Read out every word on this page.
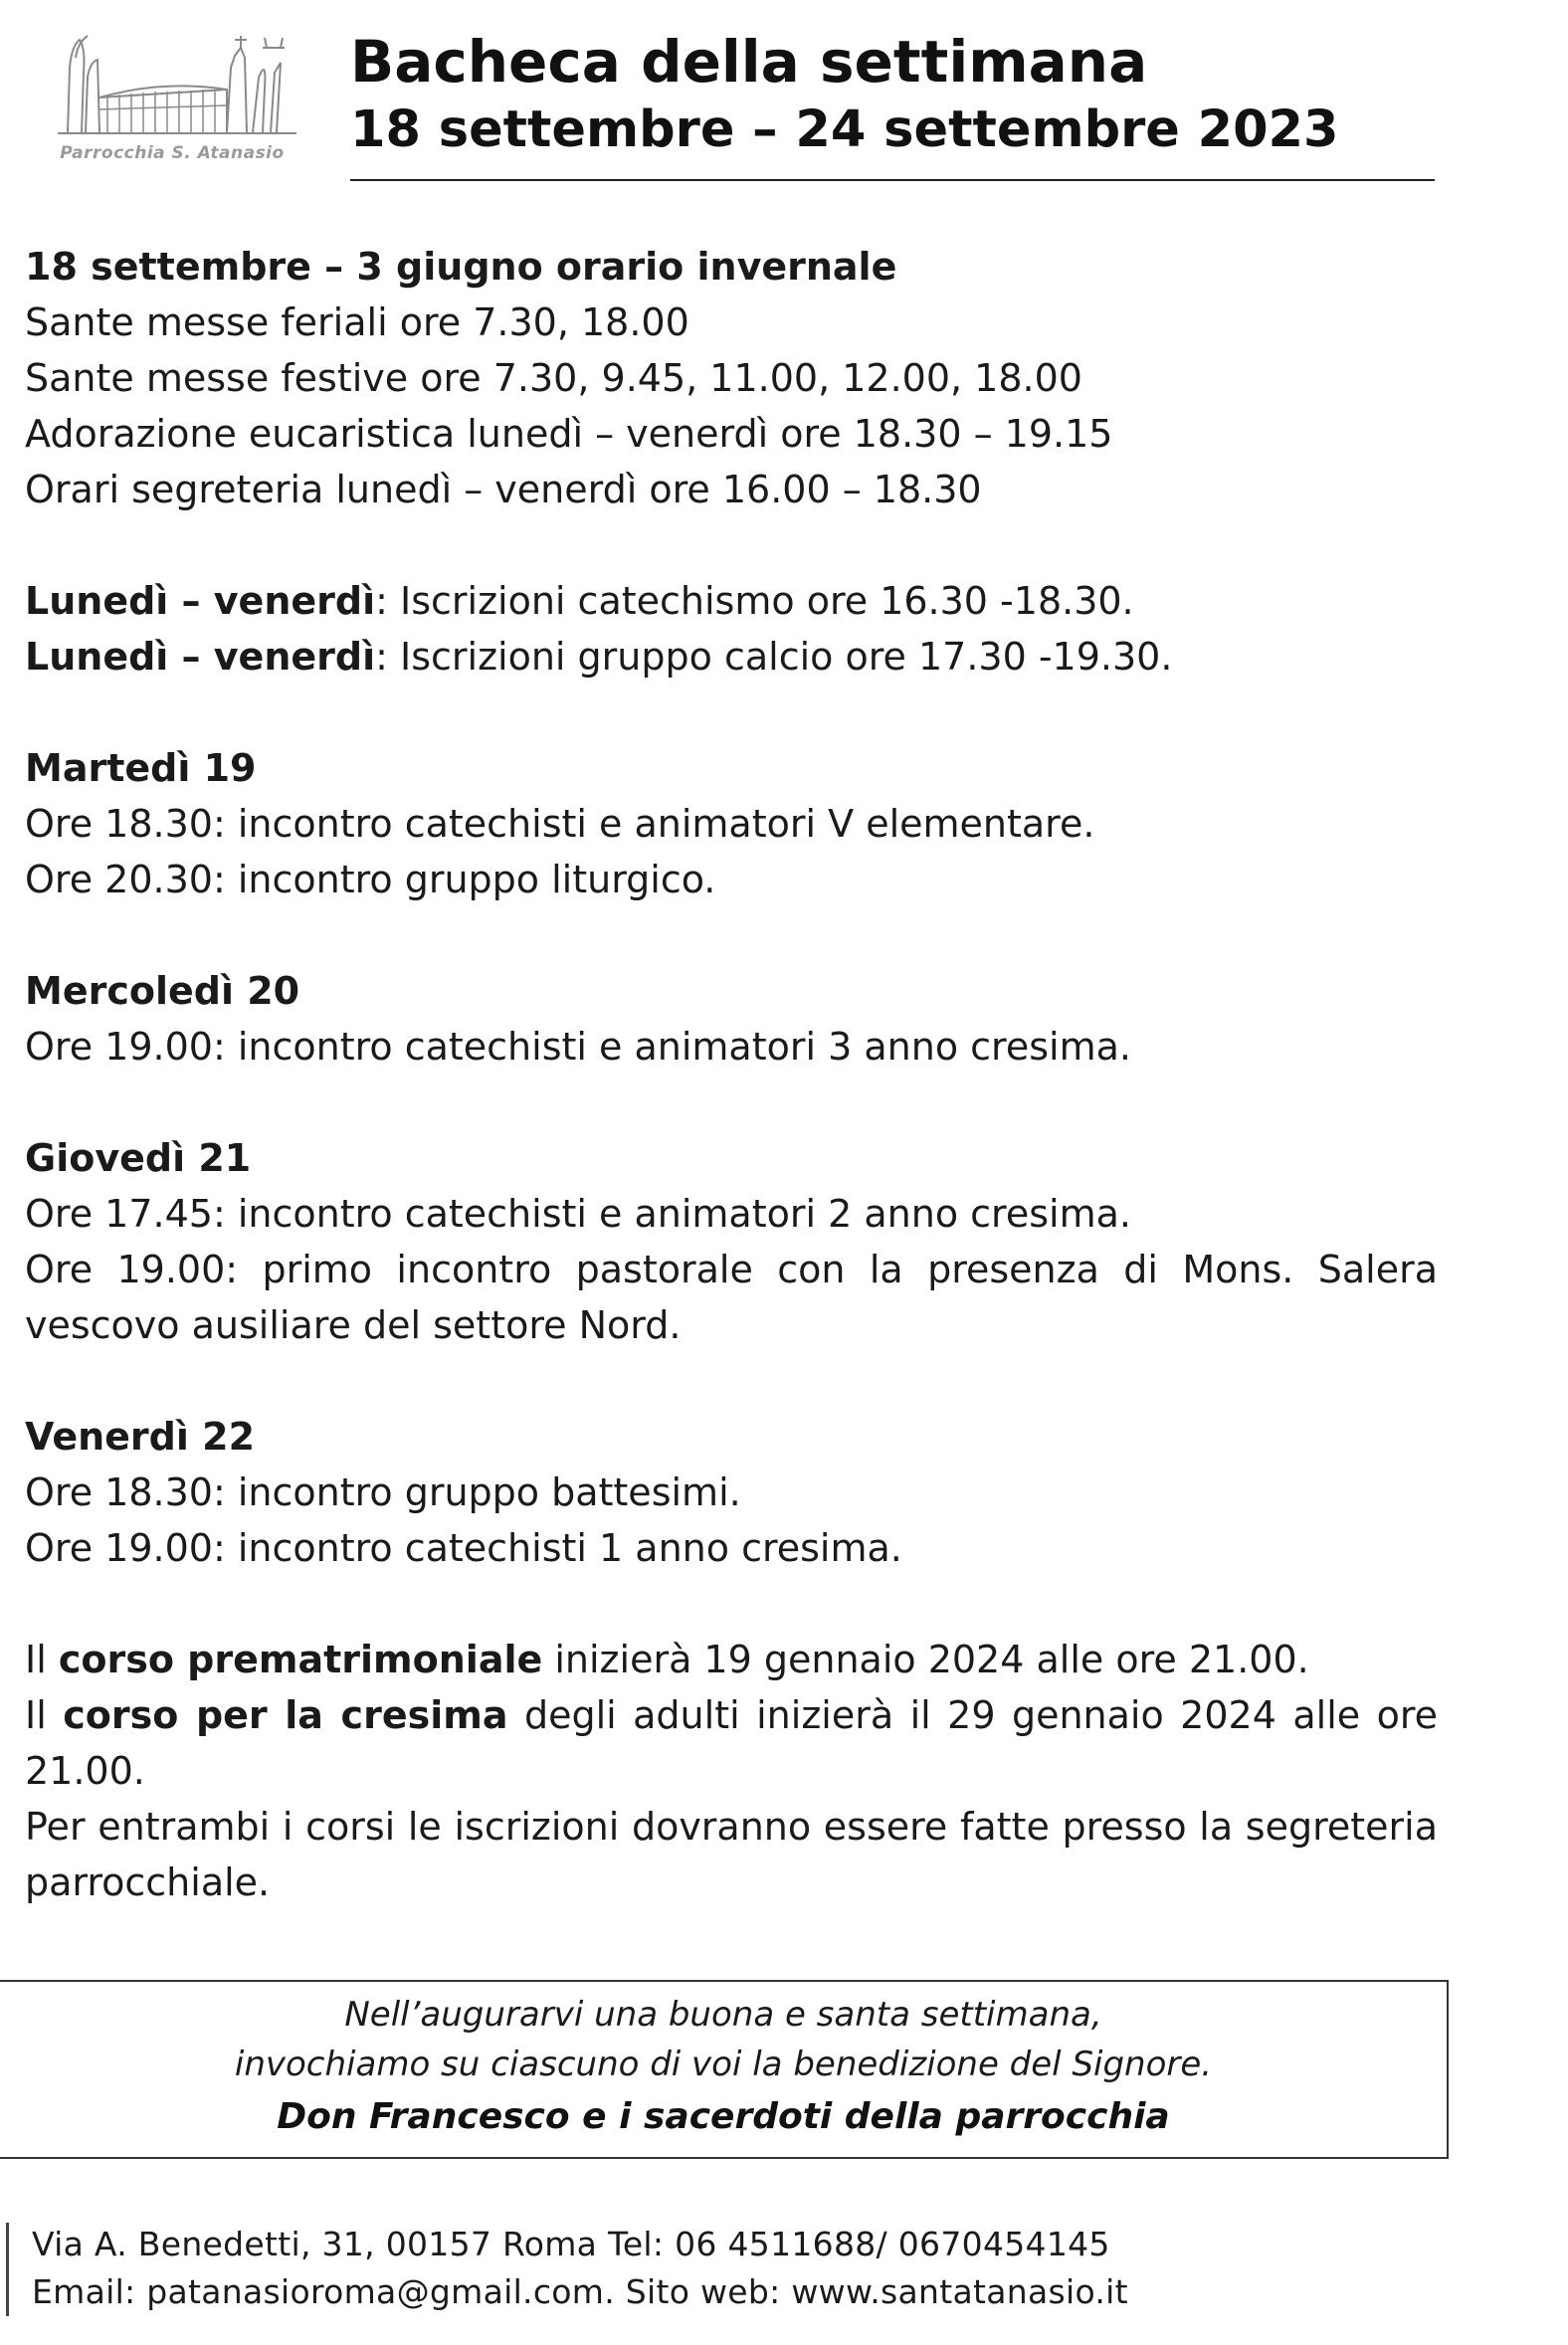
Parrocchia S. Atanasio
Bacheca della settimana
18 settembre – 24 settembre 2023

18 settembre – 3 giugno orario invernale

Sante messe feriali ore 7.30, 18.00

Sante messe festive ore 7.30, 9.45, 11.00, 12.00, 18.00

Adorazione eucaristica lunedì – venerdì ore 18.30 – 19.15

Orari segreteria lunedì – venerdì ore 16.00 – 18.30

Lunedì – venerdì: Iscrizioni catechismo ore 16.30 -18.30.

Lunedì – venerdì: Iscrizioni gruppo calcio ore 17.30 -19.30.

Martedì 19

Ore 18.30: incontro catechisti e animatori V elementare.

Ore 20.30: incontro gruppo liturgico.

Mercoledì 20

Ore 19.00: incontro catechisti e animatori 3 anno cresima.

Giovedì 21

Ore 17.45: incontro catechisti e animatori 2 anno cresima.

Ore 19.00: primo incontro pastorale con la presenza di Mons. Salera vescovo ausiliare del settore Nord.

Venerdì 22

Ore 18.30: incontro gruppo battesimi.

Ore 19.00: incontro catechisti 1 anno cresima.

Il corso prematrimoniale inizierà 19 gennaio 2024 alle ore 21.00.

Il corso per la cresima degli adulti inizierà il 29 gennaio 2024 alle ore 21.00.

Per entrambi i corsi le iscrizioni dovranno essere fatte presso la segreteria parrocchiale.

Nell’augurarvi una buona e santa settimana,
invochiamo su ciascuno di voi la benedizione del Signore.
Don Francesco e i sacerdoti della parrocchia
Via A. Benedetti, 31, 00157 Roma Tel: 06 4511688/ 0670454145
Email: patanasioroma@gmail.com. Sito web: www.santatanasio.it
